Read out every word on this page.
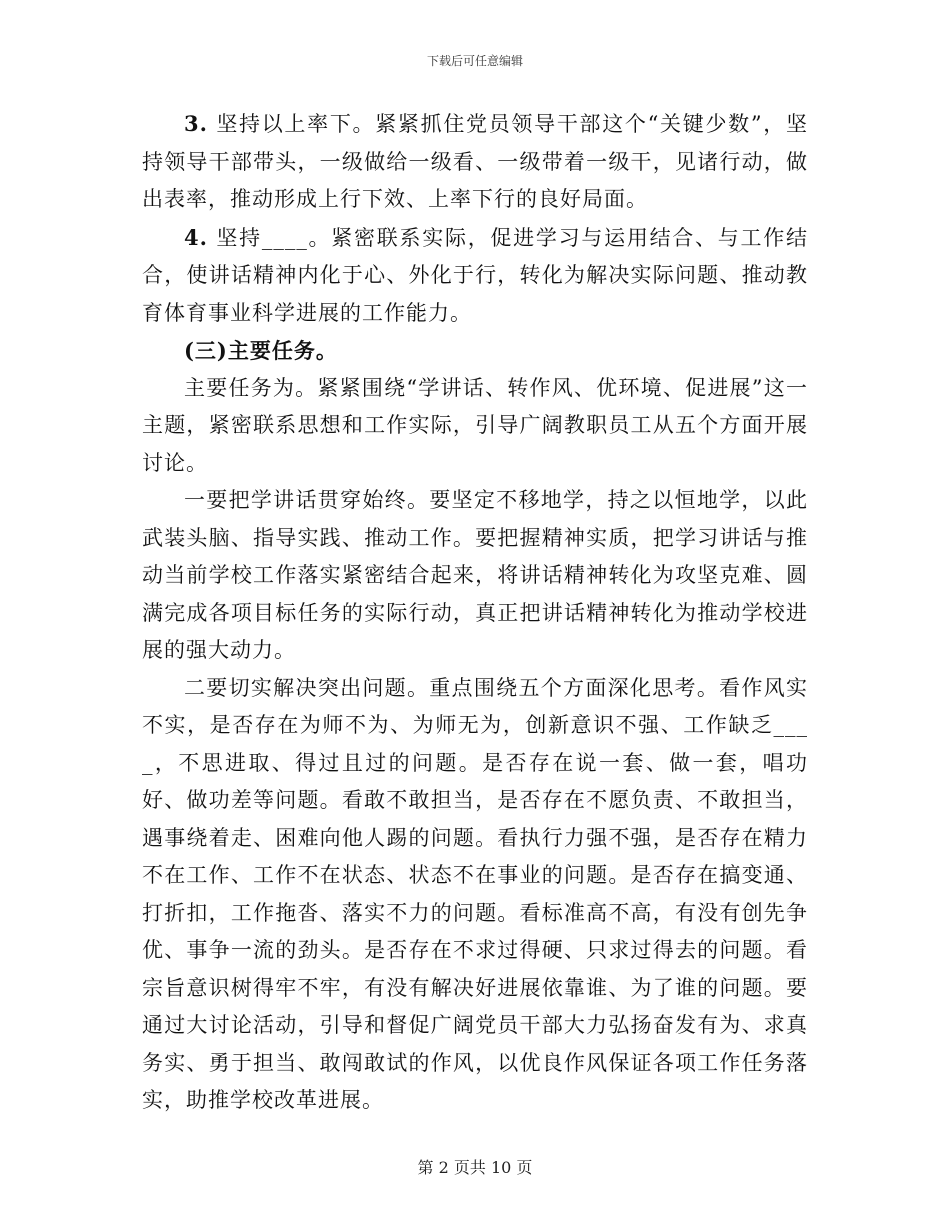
下载后可任意编辑

3. 坚持以上率下。紧紧抓住党员领导干部这个“关键少数”，坚持领导干部带头，一级做给一级看、一级带着一级干，见诸行动，做出表率，推动形成上行下效、上率下行的良好局面。

4. 坚持____。紧密联系实际，促进学习与运用结合、与工作结合，使讲话精神内化于心、外化于行，转化为解决实际问题、推动教育体育事业科学进展的工作能力。

(三)主要任务。

主要任务为。紧紧围绕“学讲话、转作风、优环境、促进展”这一主题，紧密联系思想和工作实际，引导广阔教职员工从五个方面开展讨论。

一要把学讲话贯穿始终。要坚定不移地学，持之以恒地学，以此武装头脑、指导实践、推动工作。要把握精神实质，把学习讲话与推动当前学校工作落实紧密结合起来，将讲话精神转化为攻坚克难、圆满完成各项目标任务的实际行动，真正把讲话精神转化为推动学校进展的强大动力。

二要切实解决突出问题。重点围绕五个方面深化思考。看作风实不实，是否存在为师不为、为师无为，创新意识不强、工作缺乏____，不思进取、得过且过的问题。是否存在说一套、做一套，唱功好、做功差等问题。看敢不敢担当，是否存在不愿负责、不敢担当，遇事绕着走、困难向他人踢的问题。看执行力强不强，是否存在精力不在工作、工作不在状态、状态不在事业的问题。是否存在搞变通、打折扣，工作拖沓、落实不力的问题。看标准高不高，有没有创先争优、事争一流的劲头。是否存在不求过得硬、只求过得去的问题。看宗旨意识树得牢不牢，有没有解决好进展依靠谁、为了谁的问题。要通过大讨论活动，引导和督促广阔党员干部大力弘扬奋发有为、求真务实、勇于担当、敢闯敢试的作风，以优良作风保证各项工作任务落实，助推学校改革进展。

第 2 页共 10 页
